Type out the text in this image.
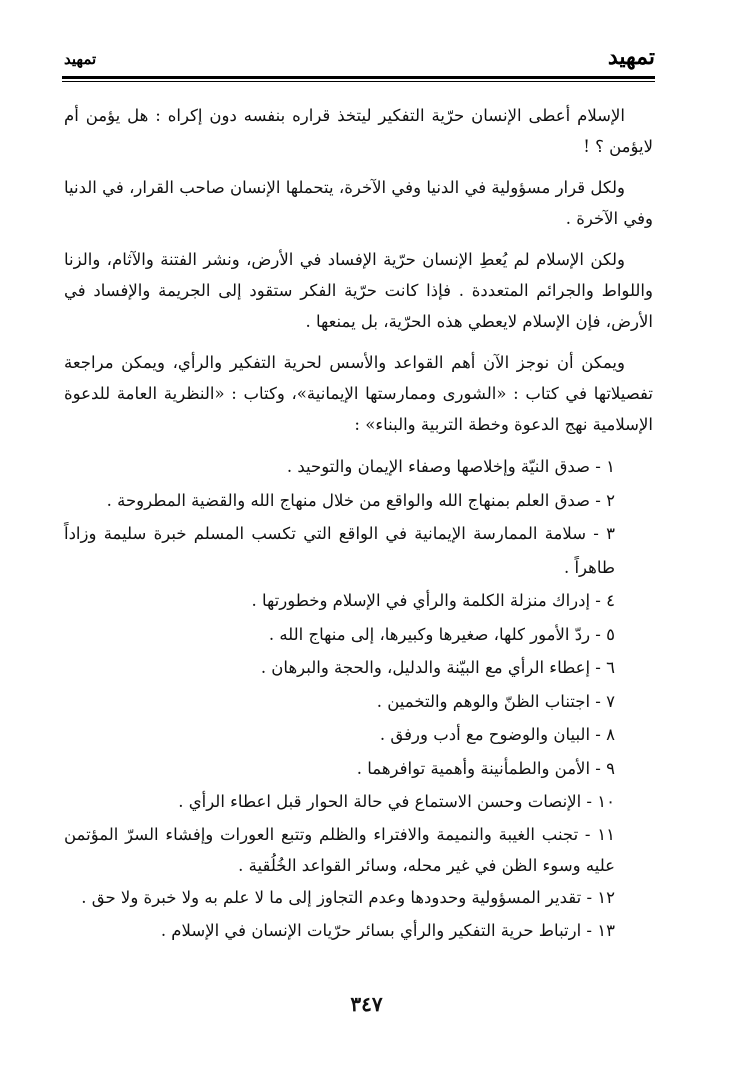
تمهيد
تمهيد

الإسلام أعطى الإنسان حرّية التفكير ليتخذ قراره بنفسه دون إكراه : هل يؤمن أم لايؤمن ؟ !

ولكل قرار مسؤولية في الدنيا وفي الآخرة، يتحملها الإنسان صاحب القرار، في الدنيا وفي الآخرة .

ولكن الإسلام لم يُعطِ الإنسان حرّية الإفساد في الأرض، ونشر الفتنة والآثام، والزنا واللواط والجرائم المتعددة . فإذا كانت حرّية الفكر ستقود إلى الجريمة والإفساد في الأرض، فإن الإسلام لايعطي هذه الحرّية، بل يمنعها .

ويمكن أن نوجز الآن أهم القواعد والأسس لحرية التفكير والرأي، ويمكن مراجعة تفصيلاتها في كتاب : «الشورى وممارستها الإيمانية»، وكتاب : «النظرية العامة للدعوة الإسلامية نهج الدعوة وخطة التربية والبناء» :

١ - صدق النيّة وإخلاصها وصفاء الإيمان والتوحيد .
٢ - صدق العلم بمنهاج الله والواقع من خلال منهاج الله والقضية المطروحة .
٣ - سلامة الممارسة الإيمانية في الواقع التي تكسب المسلم خبرة سليمة وزاداً طاهراً .
٤ - إدراك منزلة الكلمة والرأي في الإسلام وخطورتها .
٥ - ردّ الأمور كلها، صغيرها وكبيرها، إلى منهاج الله .
٦ - إعطاء الرأي مع البيّنة والدليل، والحجة والبرهان .
٧ - اجتناب الظنّ والوهم والتخمين .
٨ - البيان والوضوح مع أدب ورفق .
٩ - الأمن والطمأنينة وأهمية توافرهما .
١٠ - الإنصات وحسن الاستماع في حالة الحوار قبل اعطاء الرأي .
١١ - تجنب الغيبة والنميمة والافتراء والظلم وتتبع العورات وإفشاء السرّ المؤتمن عليه وسوء الظن في غير محله، وسائر القواعد الخُلُقية .
١٢ - تقدير المسؤولية وحدودها وعدم التجاوز إلى ما لا علم به ولا خبرة ولا حق .
١٣ - ارتباط حرية التفكير والرأي بسائر حرّيات الإنسان في الإسلام .
٣٤٧
